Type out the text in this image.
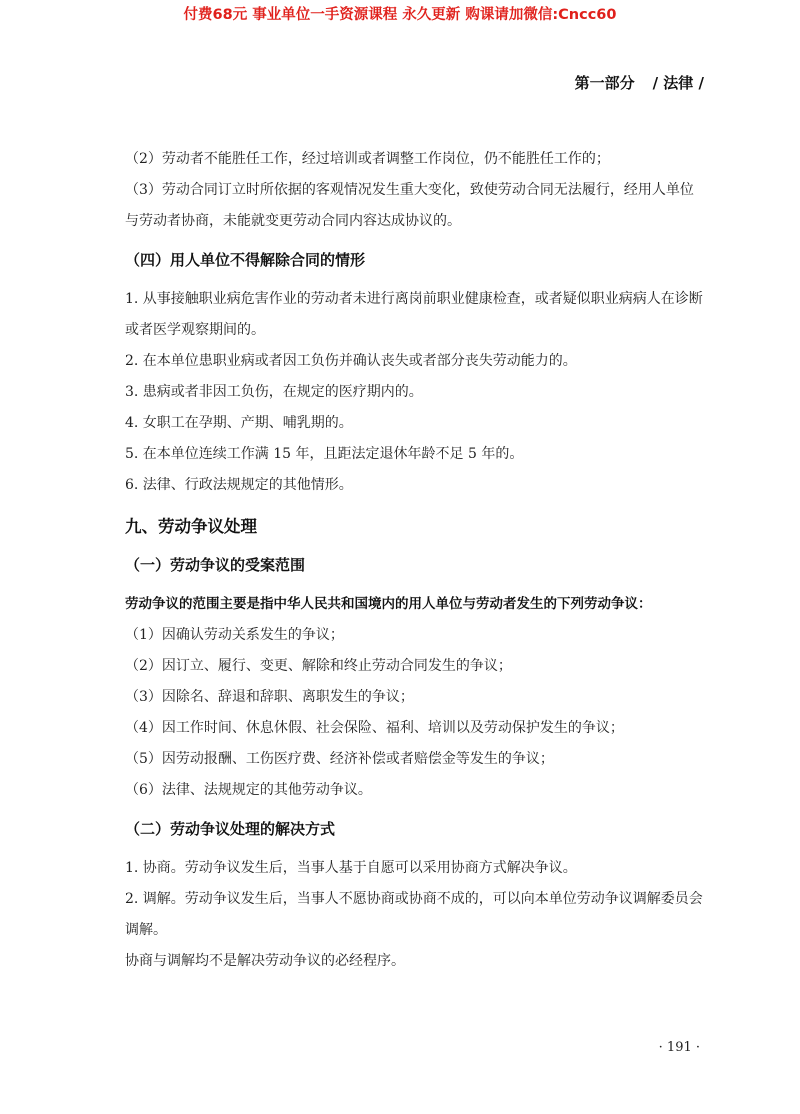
付费68元 事业单位一手资源课程 永久更新 购课请加微信:Cncc60
第一部分 / 法律 /

（2）劳动者不能胜任工作，经过培训或者调整工作岗位，仍不能胜任工作的；

（3）劳动合同订立时所依据的客观情况发生重大变化，致使劳动合同无法履行，经用人单位与劳动者协商，未能就变更劳动合同内容达成协议的。

（四）用人单位不得解除合同的情形

1. 从事接触职业病危害作业的劳动者未进行离岗前职业健康检查，或者疑似职业病病人在诊断或者医学观察期间的。

2. 在本单位患职业病或者因工负伤并确认丧失或者部分丧失劳动能力的。

3. 患病或者非因工负伤，在规定的医疗期内的。

4. 女职工在孕期、产期、哺乳期的。

5. 在本单位连续工作满 15 年，且距法定退休年龄不足 5 年的。

6. 法律、行政法规规定的其他情形。

九、劳动争议处理
（一）劳动争议的受案范围

劳动争议的范围主要是指中华人民共和国境内的用人单位与劳动者发生的下列劳动争议：

（1）因确认劳动关系发生的争议；

（2）因订立、履行、变更、解除和终止劳动合同发生的争议；

（3）因除名、辞退和辞职、离职发生的争议；

（4）因工作时间、休息休假、社会保险、福利、培训以及劳动保护发生的争议；

（5）因劳动报酬、工伤医疗费、经济补偿或者赔偿金等发生的争议；

（6）法律、法规规定的其他劳动争议。

（二）劳动争议处理的解决方式

1. 协商。劳动争议发生后，当事人基于自愿可以采用协商方式解决争议。

2. 调解。劳动争议发生后，当事人不愿协商或协商不成的，可以向本单位劳动争议调解委员会调解。

协商与调解均不是解决劳动争议的必经程序。

· 191 ·
